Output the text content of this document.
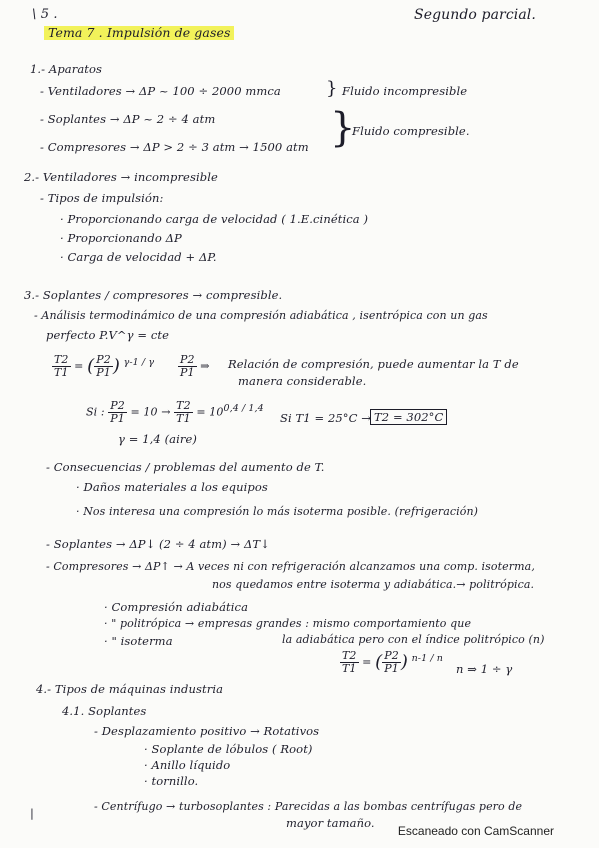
\ 5 .
Tema 7 . Impulsión de gases
Segundo parcial.
1.- Aparatos
- Ventiladores → ΔP ~ 100 ÷ 2000 mmca	} Fluido incompresible
- Soplantes → ΔP ~ 2 ÷ 4 atm
- Compresores → ΔP > 2 ÷ 3 atm → 1500 atm }
Fluido compresible.
2.- Ventiladores → incompresible
- Tipos de impulsión:
· Proporcionando carga de velocidad ( 1.E.cinética )
· Proporcionando ΔP
· Carga de velocidad + ΔP.
3.- Soplantes / compresores → compresible.
- Análisis termodinámico de una compresión adiabática , isentrópica con un gas
perfecto P.V^γ = cte
$\frac{T2}{T1}$ = ( $\frac{P2}{P1}$ ) $^{\gamma-1 / \gamma} \frac{P2}{P1}$ ⇒ Relación de compresión, puede aumentar la T de
manera considerable.
Si : $\frac{P2}{P1} = 10 \to \frac{T2}{T1} = 10^{0,4 / 1,4}$
Si T1 = 25°C → T2 = 302°C
γ = 1,4 (aire)
- Consecuencias / problemas del aumento de T.
· Daños materiales a los equipos
· Nos interesa una compresión lo más isoterma posible. (refrigeración)
- Soplantes → ΔP↓ (2 ÷ 4 atm) → ΔT↓
- Compresores → ΔP↑ → A veces ni con refrigeración alcanzamos una comp. isoterma,
nos quedamos entre isoterma y adiabática.→ politrópica.
· Compresión adiabática
· " politrópica → empresas grandes : mismo comportamiento que
· " isoterma	la adiabática pero con el índice politrópico (n)
$\frac{T2}{T1}$ = ( $\frac{P2}{P1}$ ) $^{n-1 / n}$
n ⇒ 1 ÷ γ
4.- Tipos de máquinas industria
4.1. Soplantes
- Desplazamiento positivo → Rotativos
· Soplante de lóbulos ( Root)
· Anillo líquido
· tornillo.
- Centrífugo → turbosoplantes : Parecidas a las bombas centrífugas pero de
mayor tamaño.
|
Escaneado con CamScanner
